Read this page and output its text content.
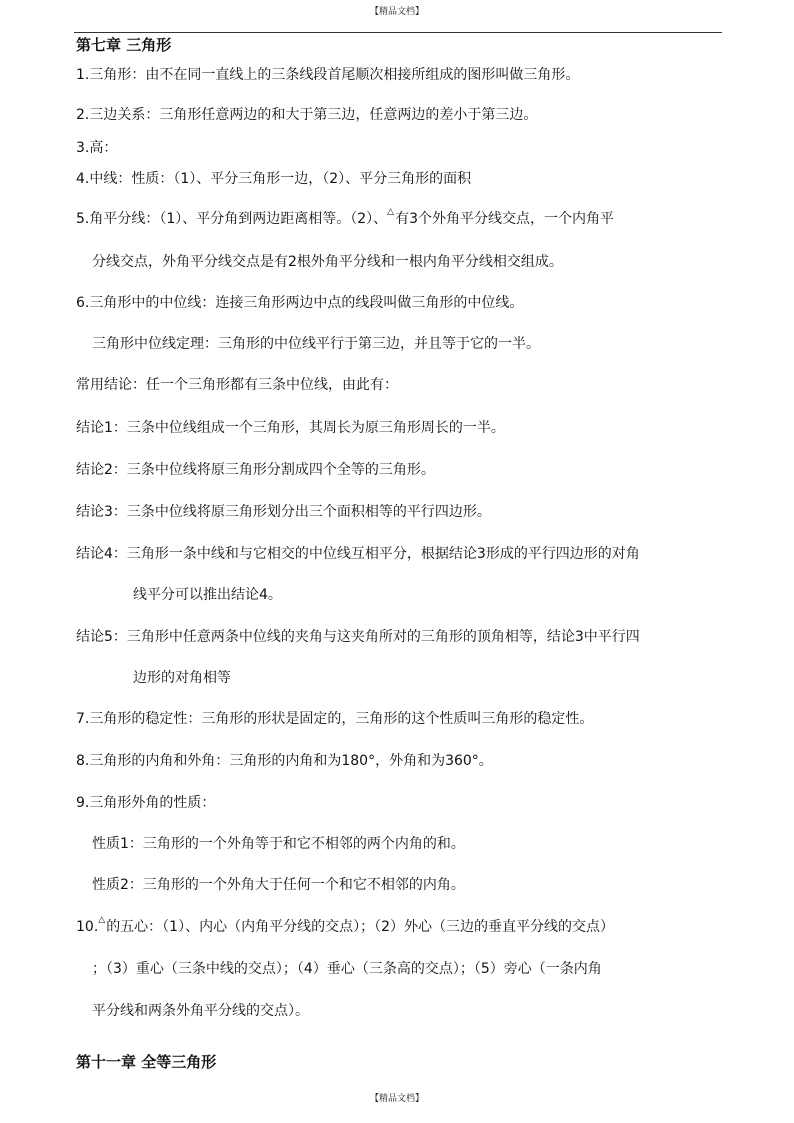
【精品文档】
第七章 三角形
1.三角形：由不在同一直线上的三条线段首尾顺次相接所组成的图形叫做三角形。
2.三边关系：三角形任意两边的和大于第三边，任意两边的差小于第三边。
3.高：
4.中线：性质：（1）、平分三角形一边，（2）、平分三角形的面积
5.角平分线：（1）、平分角到两边距离相等。（2）、△有3个外角平分线交点，一个内角平
分线交点，外角平分线交点是有2根外角平分线和一根内角平分线相交组成。
6.三角形中的中位线：连接三角形两边中点的线段叫做三角形的中位线。
三角形中位线定理：三角形的中位线平行于第三边，并且等于它的一半。
常用结论：任一个三角形都有三条中位线，由此有：
结论1：三条中位线组成一个三角形，其周长为原三角形周长的一半。
结论2：三条中位线将原三角形分割成四个全等的三角形。
结论3：三条中位线将原三角形划分出三个面积相等的平行四边形。
结论4：三角形一条中线和与它相交的中位线互相平分，根据结论3形成的平行四边形的对角
线平分可以推出结论4。
结论5：三角形中任意两条中位线的夹角与这夹角所对的三角形的顶角相等，结论3中平行四
边形的对角相等
7.三角形的稳定性：三角形的形状是固定的，三角形的这个性质叫三角形的稳定性。
8.三角形的内角和外角：三角形的内角和为180°，外角和为360°。
9.三角形外角的性质：
性质1：三角形的一个外角等于和它不相邻的两个内角的和。
性质2：三角形的一个外角大于任何一个和它不相邻的内角。
10.△的五心：（1）、内心（内角平分线的交点）；（2）外心（三边的垂直平分线的交点）
；（3）重心（三条中线的交点）；（4）垂心（三条高的交点）；（5）旁心（一条内角
平分线和两条外角平分线的交点）。
第十一章 全等三角形
【精品文档】
